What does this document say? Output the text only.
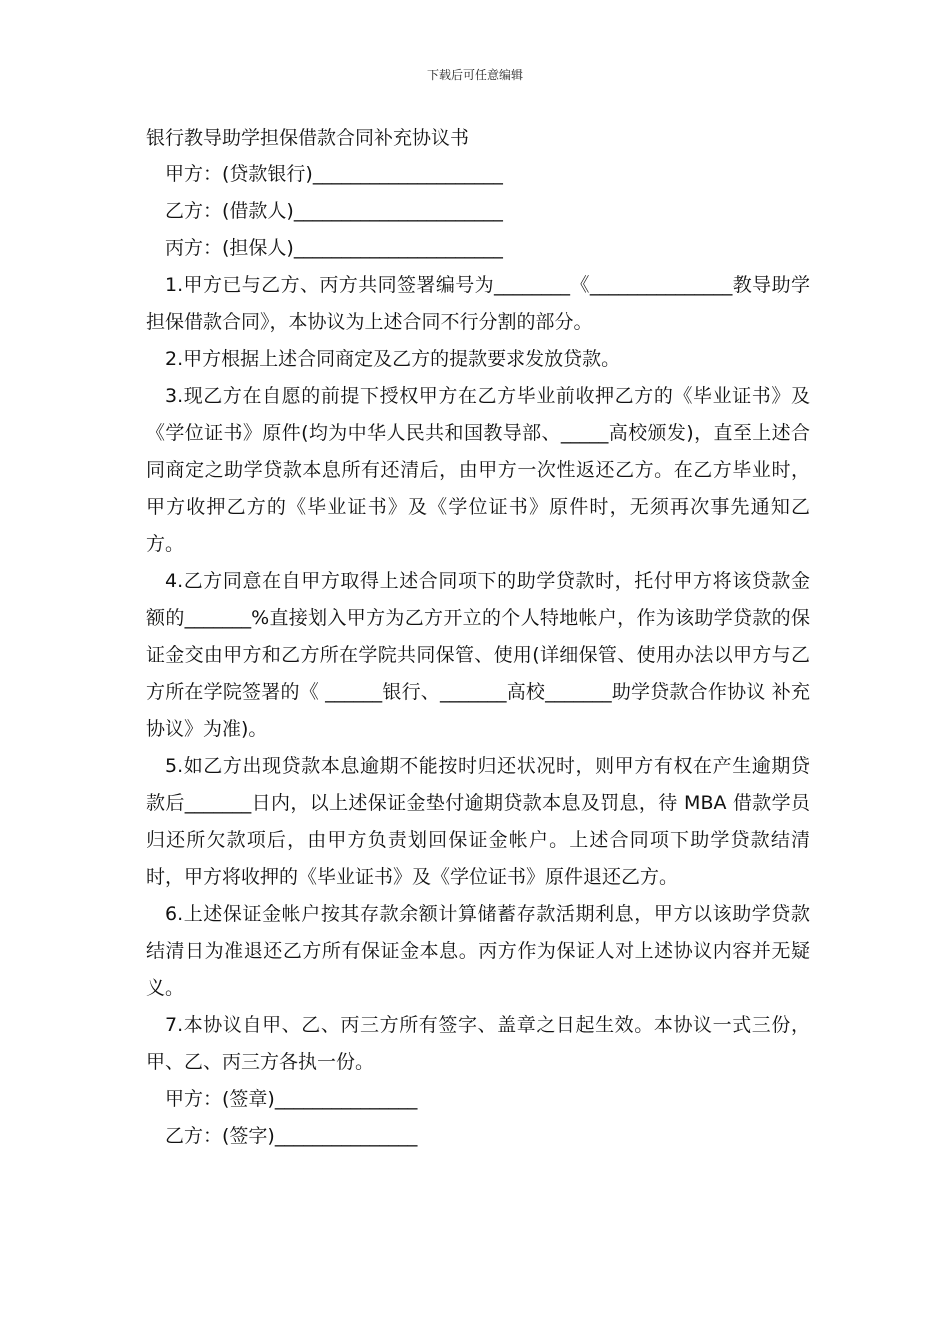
下载后可任意编辑

银行教导助学担保借款合同补充协议书

甲方：(贷款银行)____________________

乙方：(借款人)______________________

丙方：(担保人)______________________

1.甲方已与乙方、丙方共同签署编号为________《_______________教导助学担保借款合同》，本协议为上述合同不行分割的部分。

2.甲方根据上述合同商定及乙方的提款要求发放贷款。

3.现乙方在自愿的前提下授权甲方在乙方毕业前收押乙方的《毕业证书》及《学位证书》原件(均为中华人民共和国教导部、_____高校颁发)，直至上述合同商定之助学贷款本息所有还清后，由甲方一次性返还乙方。在乙方毕业时，甲方收押乙方的《毕业证书》及《学位证书》原件时，无须再次事先通知乙方。

4.乙方同意在自甲方取得上述合同项下的助学贷款时，托付甲方将该贷款金额的_______%直接划入甲方为乙方开立的个人特地帐户，作为该助学贷款的保证金交由甲方和乙方所在学院共同保管、使用(详细保管、使用办法以甲方与乙方所在学院签署的《 ______银行、_______高校_______助学贷款合作协议 补充协议》为准)。

5.如乙方出现贷款本息逾期不能按时归还状况时，则甲方有权在产生逾期贷款后_______日内，以上述保证金垫付逾期贷款本息及罚息，待 MBA 借款学员归还所欠款项后，由甲方负责划回保证金帐户。上述合同项下助学贷款结清时，甲方将收押的《毕业证书》及《学位证书》原件退还乙方。

6.上述保证金帐户按其存款余额计算储蓄存款活期利息，甲方以该助学贷款结清日为准退还乙方所有保证金本息。丙方作为保证人对上述协议内容并无疑义。

7.本协议自甲、乙、丙三方所有签字、盖章之日起生效。本协议一式三份，甲、乙、丙三方各执一份。

甲方：(签章)_______________

乙方：(签字)_______________
